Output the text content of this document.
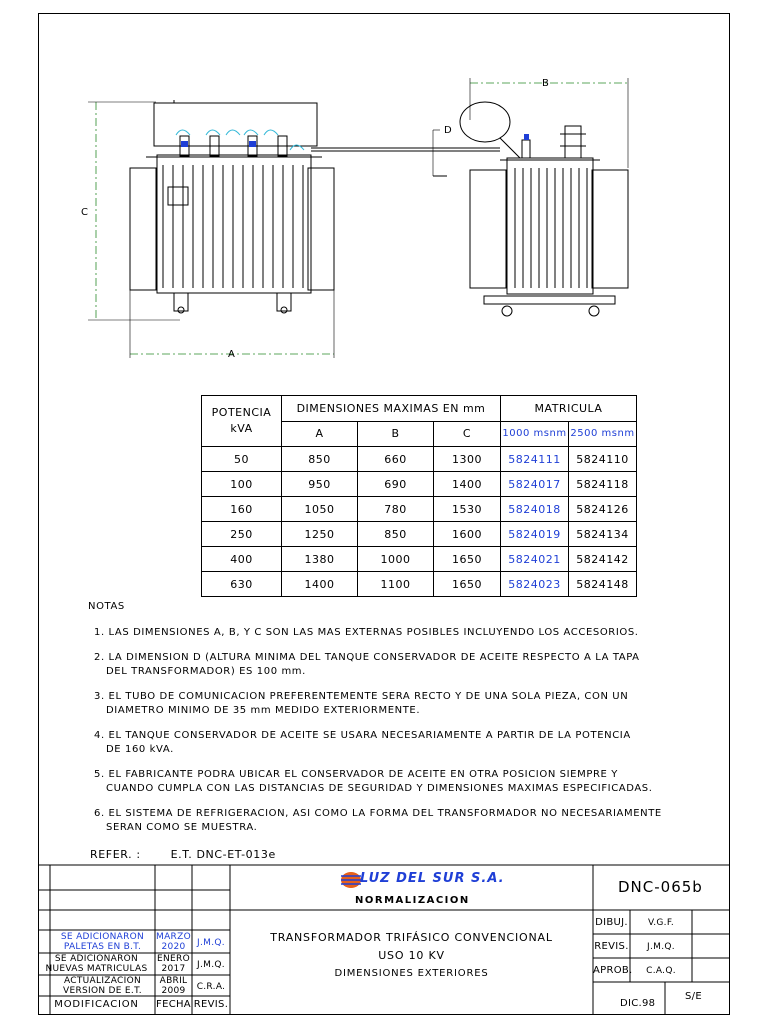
C
A
B
D
POTENCIA
kVA	DIMENSIONES MAXIMAS EN mm			MATRICULA	
	A	B	C	1000 msnm	2500 msnm
50	850	660	1300	5824111	5824110
100	950	690	1400	5824017	5824118
160	1050	780	1530	5824018	5824126
250	1250	850	1600	5824019	5824134
400	1380	1000	1650	5824021	5824142
630	1400	1100	1650	5824023	5824148
NOTAS
1. LAS DIMENSIONES A, B, Y C SON LAS MAS EXTERNAS POSIBLES INCLUYENDO LOS ACCESORIOS.
2. LA DIMENSION D (ALTURA MINIMA DEL TANQUE CONSERVADOR DE ACEITE RESPECTO A LA TAPA
DEL TRANSFORMADOR) ES 100 mm.
3. EL TUBO DE COMUNICACION PREFERENTEMENTE SERA RECTO Y DE UNA SOLA PIEZA, CON UN
DIAMETRO MINIMO DE 35 mm MEDIDO EXTERIORMENTE.
4. EL TANQUE CONSERVADOR DE ACEITE SE USARA NECESARIAMENTE A PARTIR DE LA POTENCIA
DE 160 kVA.
5. EL FABRICANTE PODRA UBICAR EL CONSERVADOR DE ACEITE EN OTRA POSICION SIEMPRE Y
CUANDO CUMPLA CON LAS DISTANCIAS DE SEGURIDAD Y DIMENSIONES MAXIMAS ESPECIFICADAS.
6. EL SISTEMA DE REFRIGERACION, ASI COMO LA FORMA DEL TRANSFORMADOR NO NECESARIAMENTE
SERAN COMO SE MUESTRA.
REFER. :	E.T. DNC-ET-013e
LUZ DEL SUR S.A.
NORMALIZACION
DNC-065b
TRANSFORMADOR TRIFÁSICO CONVENCIONAL
USO 10 KV
DIMENSIONES EXTERIORES
DIBUJ.	V.G.F.
REVIS.	J.M.Q.
APROB.	C.A.Q.
DIC.98
S/E
SE ADICIONARON
PALETAS EN B.T.
MARZO
2020	J.M.Q.
SE ADICIONARON
NUEVAS MATRICULAS
ENERO
2017	J.M.Q.
ACTUALIZACION
VERSION DE E.T.
ABRIL
2009	C.R.A.
MODIFICACION	FECHA REVIS.
